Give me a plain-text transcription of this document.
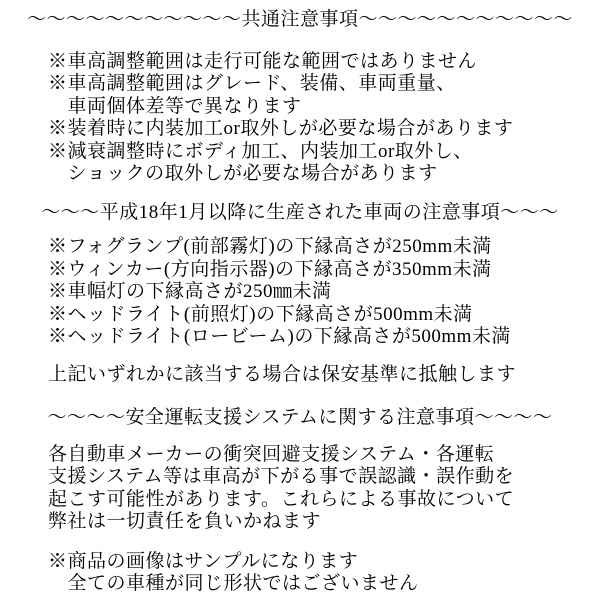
～～～～～～～～～～～共通注意事項～～～～～～～～～～～
※車高調整範囲は走行可能な範囲ではありません
※車高調整範囲はグレード、装備、車両重量、
　車両個体差等で異なります
※装着時に内装加工or取外しが必要な場合があります
※減衰調整時にボディ加工、内装加工or取外し、
　ショックの取外しが必要な場合があります
～～～平成18年1月以降に生産された車両の注意事項～～～
※フォグランプ(前部霧灯)の下縁高さが250mm未満
※ウィンカー(方向指示器)の下縁高さが350mm未満
※車幅灯の下縁高さが250㎜未満
※ヘッドライト(前照灯)の下縁高さが500mm未満
※ヘッドライト(ロービーム)の下縁高さが500mm未満
上記いずれかに該当する場合は保安基準に抵触します
～～～～安全運転支援システムに関する注意事項～～～～
各自動車メーカーの衝突回避支援システム・各運転
支援システム等は車高が下がる事で誤認識・誤作動を
起こす可能性があります。これらによる事故について
弊社は一切責任を負いかねます
※商品の画像はサンプルになります
　全ての車種が同じ形状ではございません
